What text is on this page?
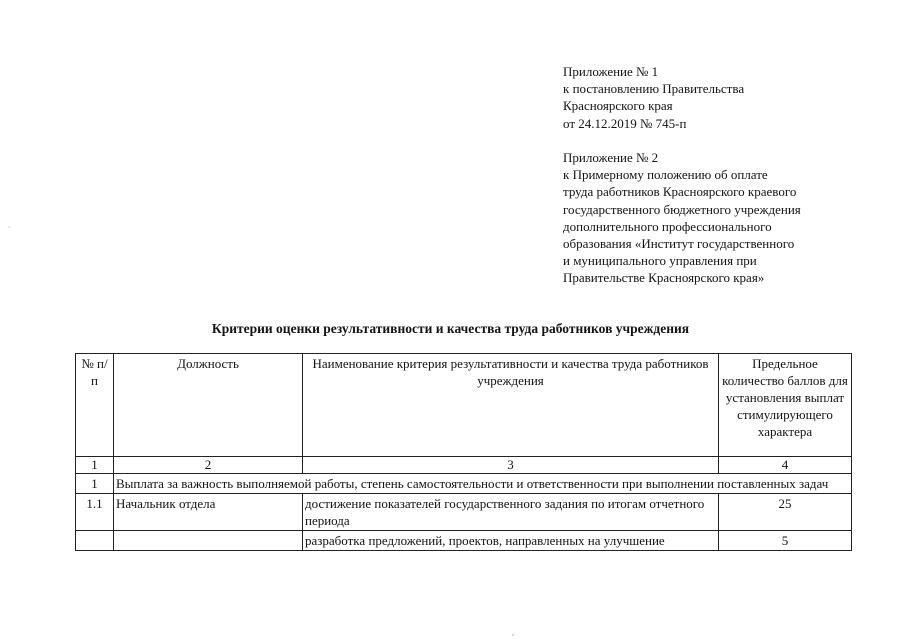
Приложение № 1
к постановлению Правительства
Красноярского края
от 24.12.2019 № 745-п
Приложение № 2
к Примерному положению об оплате
труда работников Красноярского краевого
государственного бюджетного учреждения
дополнительного профессионального
образования «Институт государственного
и муниципального управления при
Правительстве Красноярского края»
Критерии оценки результативности и качества труда работников учреждения
№ п/п	Должность	Наименование критерия результативности и качества труда работников учреждения	Предельное количество баллов для установления выплат стимулирующего характера
1	2	3	4
1	Выплата за важность выполняемой работы, степень самостоятельности и ответственности при выполнении поставленных задач		
1.1	Начальник отдела	достижение показателей государственного задания по итогам отчетного периода	25
		разработка предложений, проектов, направленных на улучшение	5
